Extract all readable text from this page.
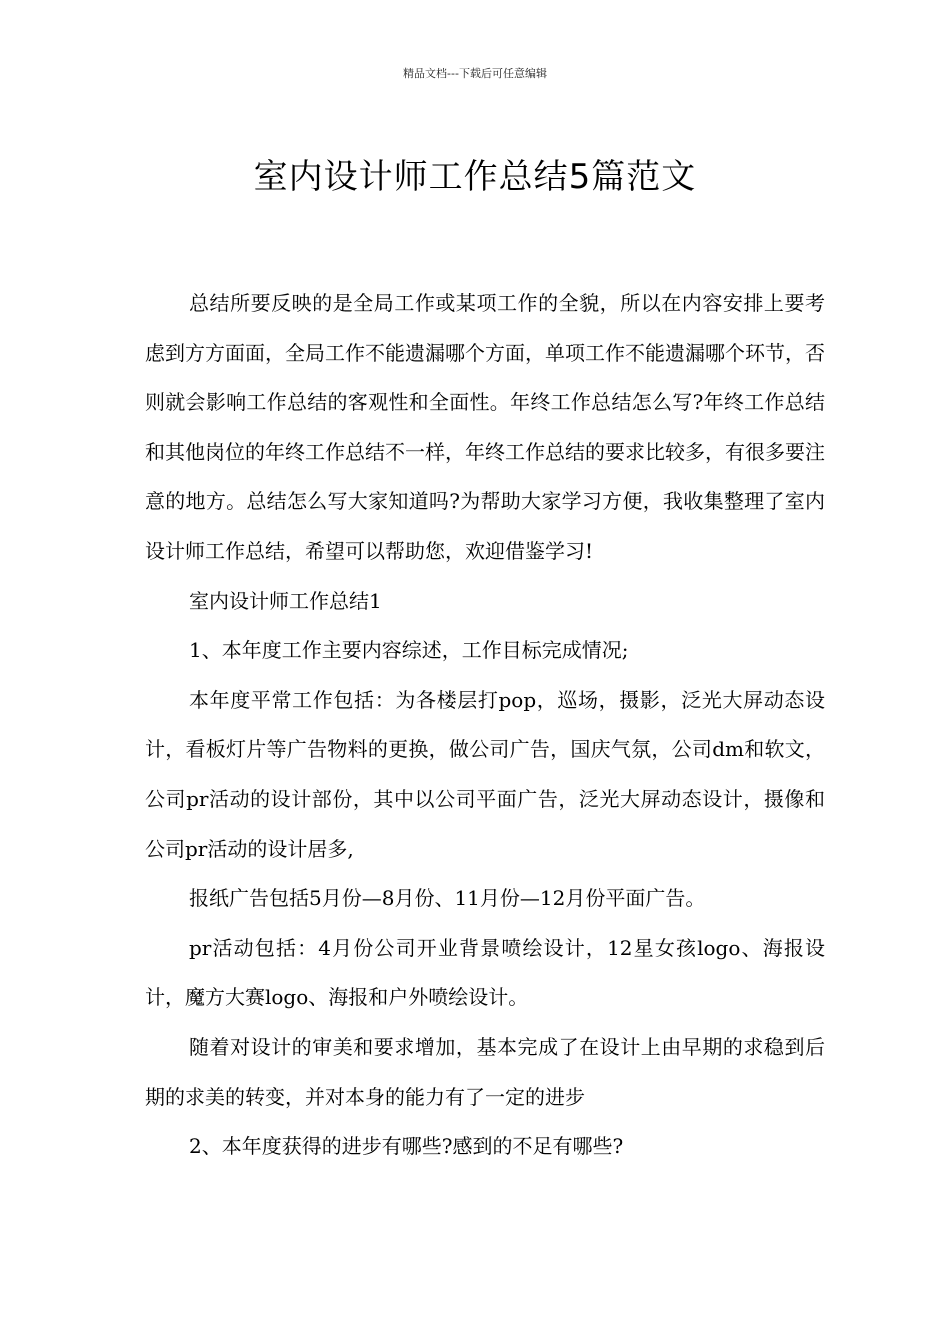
精品文档---下载后可任意编辑
室内设计师工作总结5篇范文

总结所要反映的是全局工作或某项工作的全貌，所以在内容安排上要考虑到方方面面，全局工作不能遗漏哪个方面，单项工作不能遗漏哪个环节，否则就会影响工作总结的客观性和全面性。年终工作总结怎么写?年终工作总结和其他岗位的年终工作总结不一样，年终工作总结的要求比较多，有很多要注意的地方。总结怎么写大家知道吗?为帮助大家学习方便，我收集整理了室内设计师工作总结，希望可以帮助您，欢迎借鉴学习!

室内设计师工作总结1

1、本年度工作主要内容综述，工作目标完成情况;

本年度平常工作包括：为各楼层打pop，巡场，摄影，泛光大屏动态设计，看板灯片等广告物料的更换，做公司广告，国庆气氛，公司dm和软文，公司pr活动的设计部份，其中以公司平面广告，泛光大屏动态设计，摄像和公司pr活动的设计居多,

报纸广告包括5月份—8月份、11月份—12月份平面广告。

pr活动包括：4月份公司开业背景喷绘设计，12星女孩logo、海报设计，魔方大赛logo、海报和户外喷绘设计。

随着对设计的审美和要求增加，基本完成了在设计上由早期的求稳到后期的求美的转变，并对本身的能力有了一定的进步

2、本年度获得的进步有哪些?感到的不足有哪些?
